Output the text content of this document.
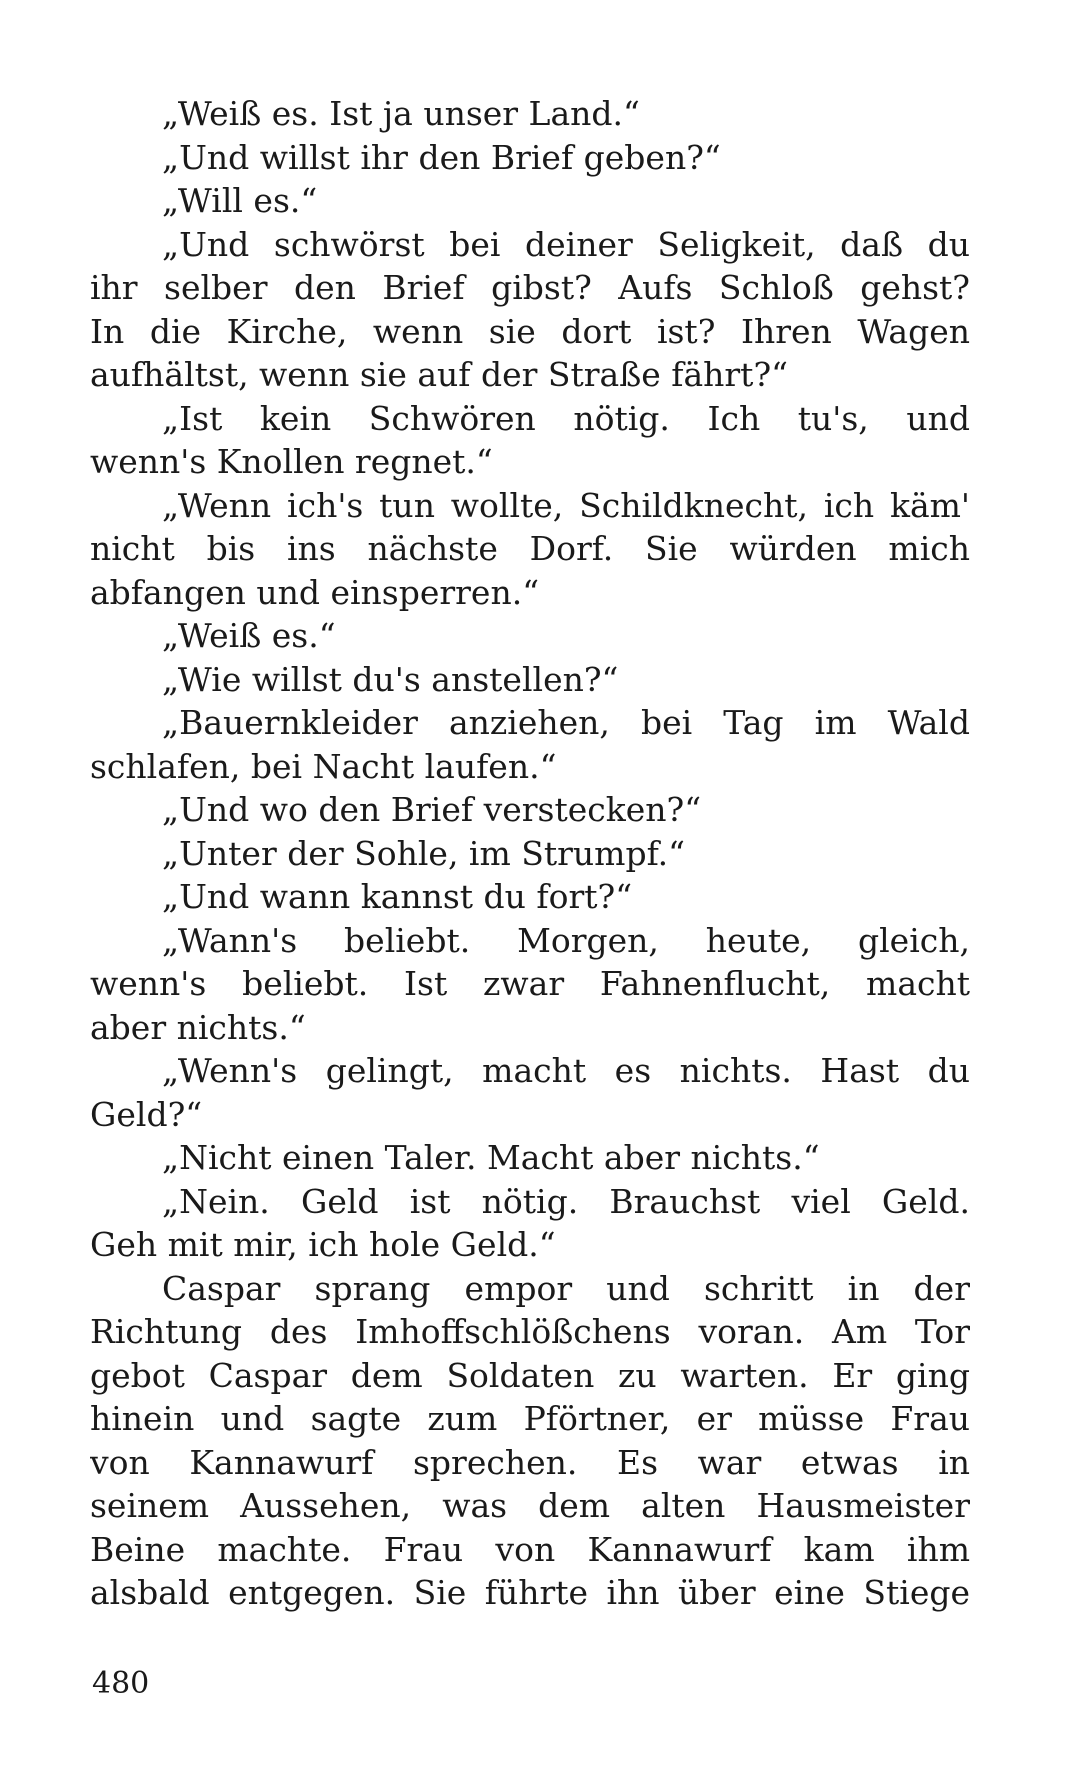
„Weiß es. Ist ja unser Land.“
„Und willst ihr den Brief geben?“
„Will es.“
„Und schwörst bei deiner Seligkeit, daß du
ihr selber den Brief gibst? Aufs Schloß gehst?
In die Kirche, wenn sie dort ist? Ihren Wagen
aufhältst, wenn sie auf der Straße fährt?“
„Ist kein Schwören nötig. Ich tu's, und
wenn's Knollen regnet.“
„Wenn ich's tun wollte, Schildknecht, ich käm'
nicht bis ins nächste Dorf. Sie würden mich
abfangen und einsperren.“
„Weiß es.“
„Wie willst du's anstellen?“
„Bauernkleider anziehen, bei Tag im Wald
schlafen, bei Nacht laufen.“
„Und wo den Brief verstecken?“
„Unter der Sohle, im Strumpf.“
„Und wann kannst du fort?“
„Wann's beliebt. Morgen, heute, gleich,
wenn's beliebt. Ist zwar Fahnenflucht, macht
aber nichts.“
„Wenn's gelingt, macht es nichts. Hast du
Geld?“
„Nicht einen Taler. Macht aber nichts.“
„Nein. Geld ist nötig. Brauchst viel Geld.
Geh mit mir, ich hole Geld.“
Caspar sprang empor und schritt in der
Richtung des Imhoffschlößchens voran. Am Tor
gebot Caspar dem Soldaten zu warten. Er ging
hinein und sagte zum Pförtner, er müsse Frau
von Kannawurf sprechen. Es war etwas in
seinem Aussehen, was dem alten Hausmeister
Beine machte. Frau von Kannawurf kam ihm
alsbald entgegen. Sie führte ihn über eine Stiege
480
